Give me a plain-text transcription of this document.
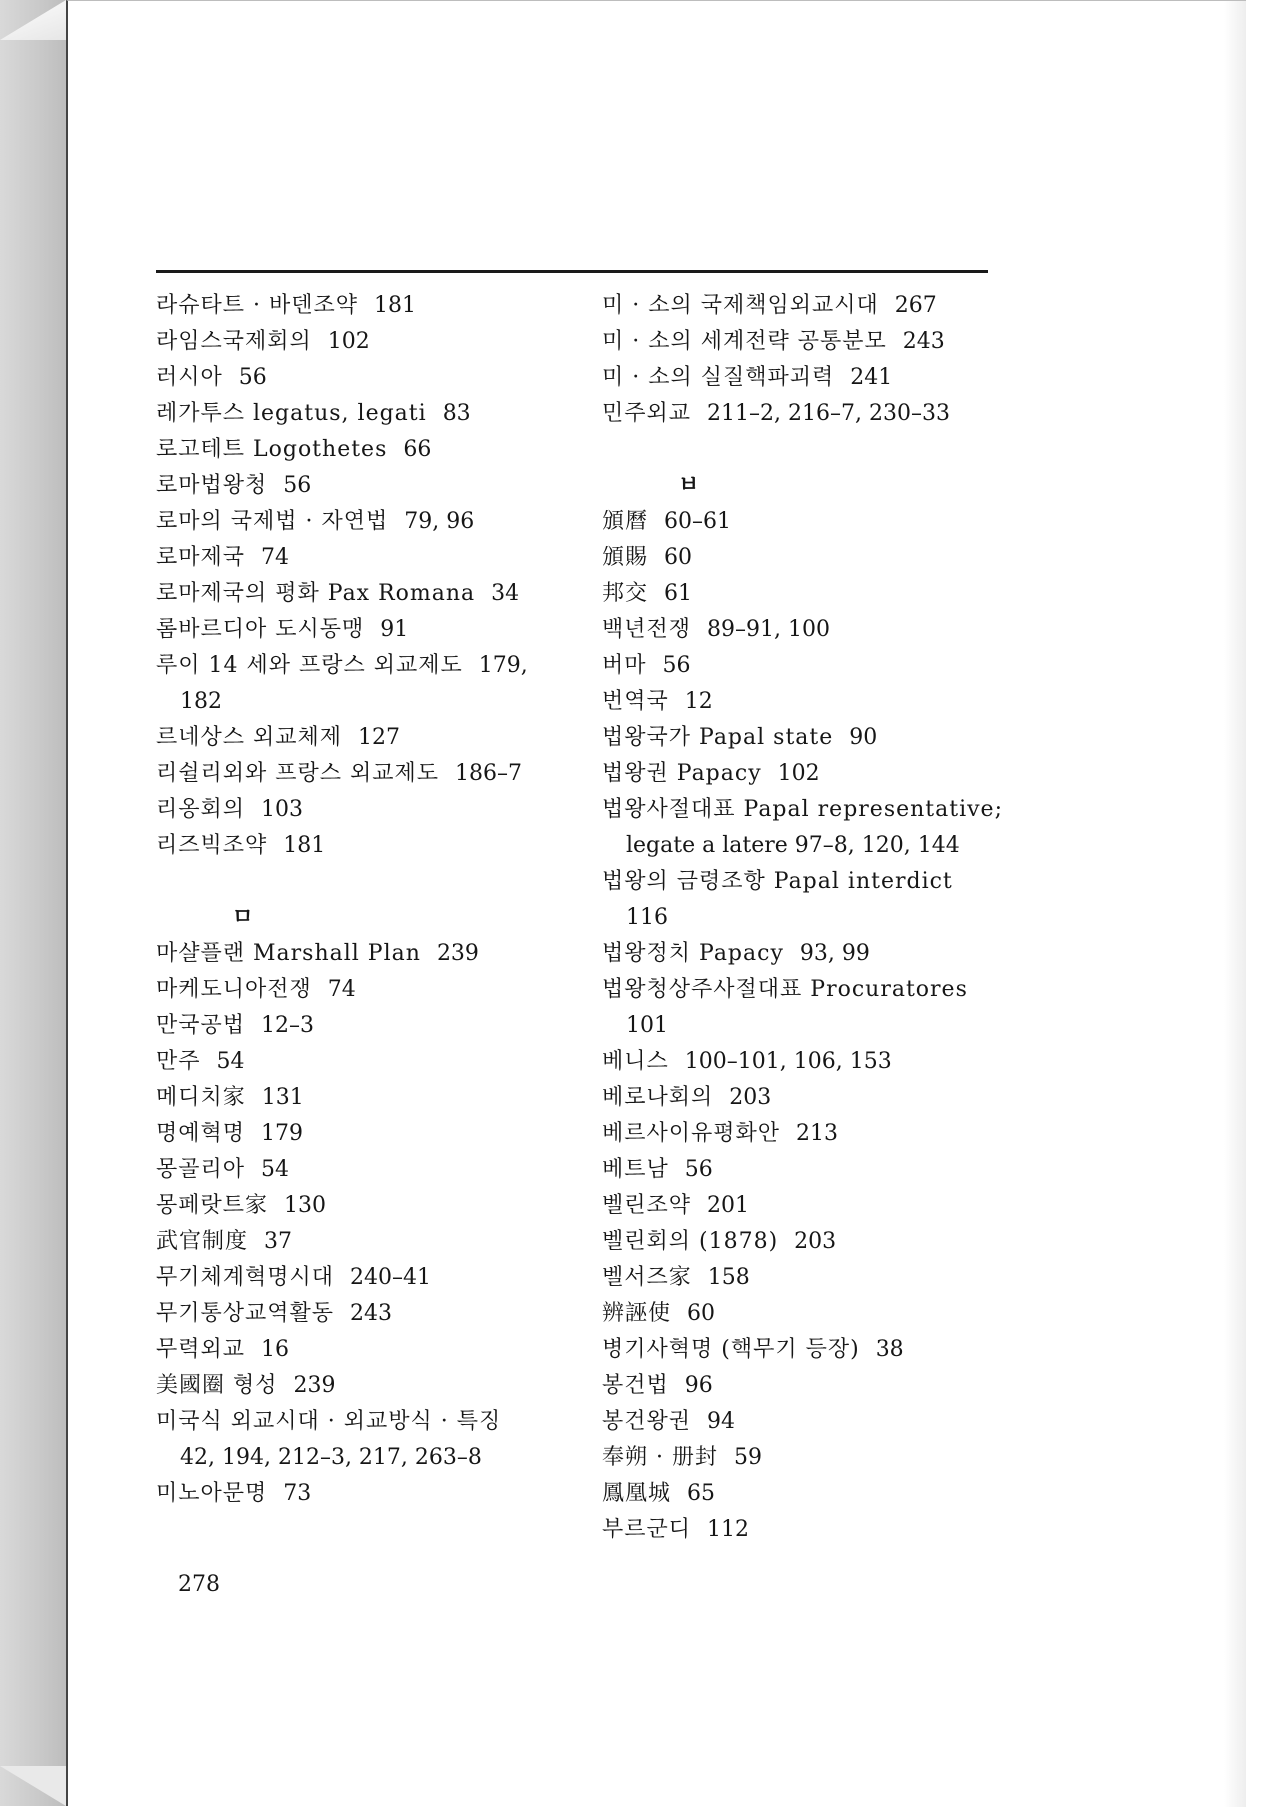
라슈타트 · 바덴조약 181
라임스국제회의 102
러시아 56
레가투스 legatus, legati 83
로고테트 Logothetes 66
로마법왕청 56
로마의 국제법 · 자연법 79, 96
로마제국 74
로마제국의 평화 Pax Romana 34
롬바르디아 도시동맹 91
루이 14 세와 프랑스 외교제도 179,
182
르네상스 외교체제 127
리쉴리외와 프랑스 외교제도 186–7
리옹회의 103
리즈빅조약 181
ㅁ
마샬플랜 Marshall Plan 239
마케도니아전쟁 74
만국공법 12–3
만주 54
메디치家 131
명예혁명 179
몽골리아 54
몽페랏트家 130
武官制度 37
무기체계혁명시대 240–41
무기통상교역활동 243
무력외교 16
美國圈 형성 239
미국식 외교시대 · 외교방식 · 특징
42, 194, 212–3, 217, 263–8
미노아문명 73
미 · 소의 국제책임외교시대 267
미 · 소의 세계전략 공통분모 243
미 · 소의 실질핵파괴력 241
민주외교 211–2, 216–7, 230–33
ㅂ
頒曆 60–61
頒賜 60
邦交 61
백년전쟁 89–91, 100
버마 56
번역국 12
법왕국가 Papal state 90
법왕권 Papacy 102
법왕사절대표 Papal representative;
legate a latere 97–8, 120, 144
법왕의 금령조항 Papal interdict
116
법왕정치 Papacy 93, 99
법왕청상주사절대표 Procuratores
101
베니스 100–101, 106, 153
베로나회의 203
베르사이유평화안 213
베트남 56
벨린조약 201
벨린회의 (1878) 203
벨서즈家 158
辨誣使 60
병기사혁명 (핵무기 등장) 38
봉건법 96
봉건왕권 94
奉朔 · 册封 59
鳳凰城 65
부르군디 112
278
